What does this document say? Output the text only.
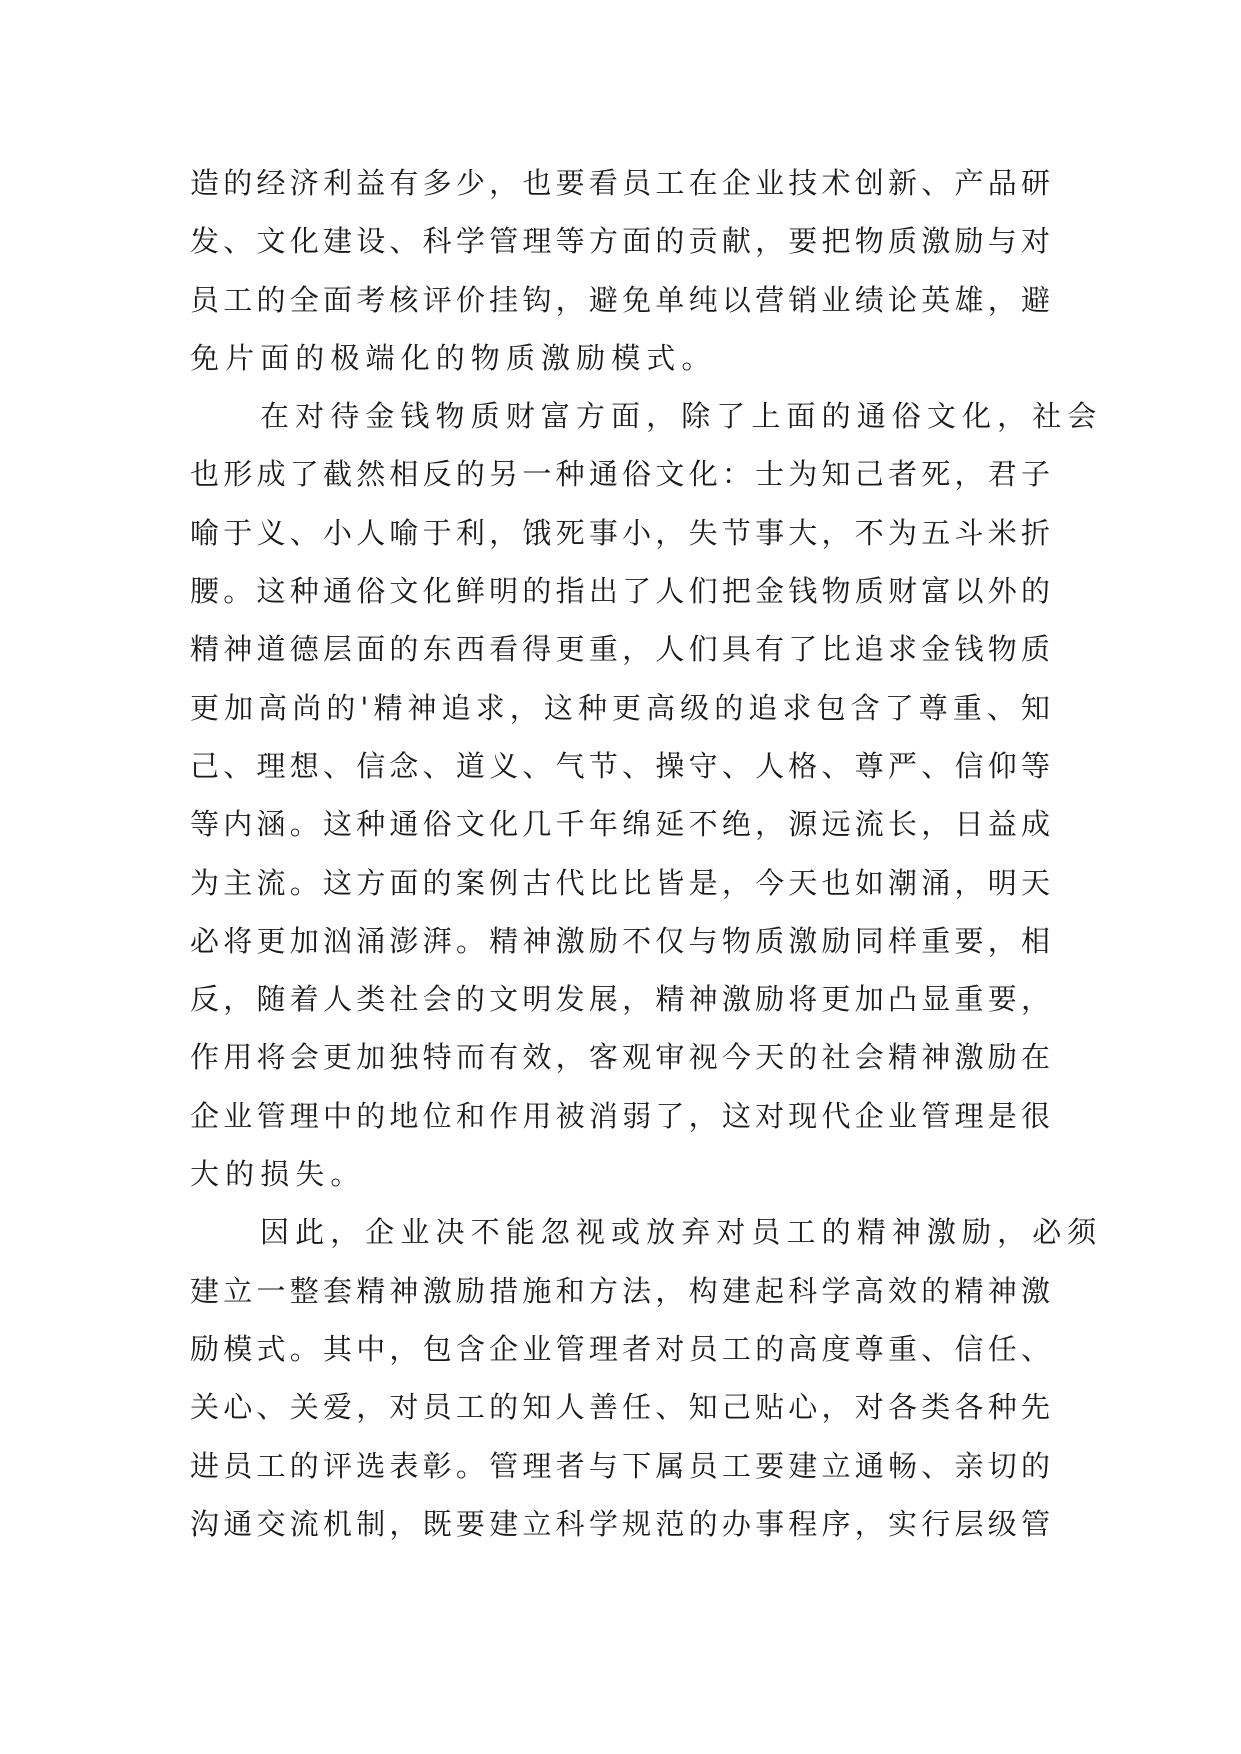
造的经济利益有多少，也要看员工在企业技术创新、产品研
发、文化建设、科学管理等方面的贡献，要把物质激励与对
员工的全面考核评价挂钩，避免单纯以营销业绩论英雄，避
免片面的极端化的物质激励模式。

在对待金钱物质财富方面，除了上面的通俗文化，社会
也形成了截然相反的另一种通俗文化：士为知己者死，君子
喻于义、小人喻于利，饿死事小，失节事大，不为五斗米折
腰。这种通俗文化鲜明的指出了人们把金钱物质财富以外的
精神道德层面的东西看得更重，人们具有了比追求金钱物质
更加高尚的'精神追求，这种更高级的追求包含了尊重、知
己、理想、信念、道义、气节、操守、人格、尊严、信仰等
等内涵。这种通俗文化几千年绵延不绝，源远流长，日益成
为主流。这方面的案例古代比比皆是，今天也如潮涌，明天
必将更加汹涌澎湃。精神激励不仅与物质激励同样重要，相
反，随着人类社会的文明发展，精神激励将更加凸显重要，
作用将会更加独特而有效，客观审视今天的社会精神激励在
企业管理中的地位和作用被消弱了，这对现代企业管理是很
大的损失。

因此，企业决不能忽视或放弃对员工的精神激励，必须
建立一整套精神激励措施和方法，构建起科学高效的精神激
励模式。其中，包含企业管理者对员工的高度尊重、信任、
关心、关爱，对员工的知人善任、知己贴心，对各类各种先
进员工的评选表彰。管理者与下属员工要建立通畅、亲切的
沟通交流机制，既要建立科学规范的办事程序，实行层级管
